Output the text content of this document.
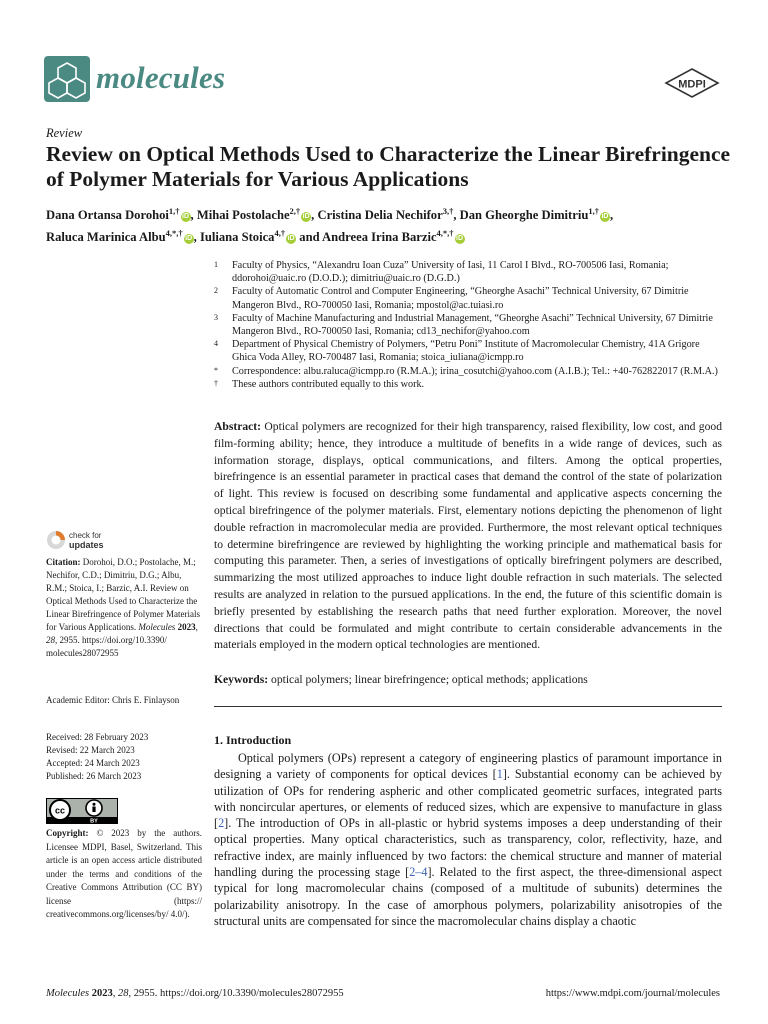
molecules	MDPI
Review
Review on Optical Methods Used to Characterize the Linear Birefringence of Polymer Materials for Various Applications
Dana Ortansa Dorohoi$^{1,\dagger}$iD , Mihai Postolache$^{2,\dagger}$iD , Cristina Delia Nechifor$^{3,\dagger}$, Dan Gheorghe Dimitriu$^{1,\dagger}$iD ,
Raluca Marinica Albu$^{4,*,\dagger}$iD , Iuliana Stoica$^{4,\dagger}$iD and Andreea Irina Barzic$^{4,*,\dagger}$iD
1	Faculty of Physics, “Alexandru Ioan Cuza” University of Iasi, 11 Carol I Blvd., RO-700506 Iasi, Romania; ddorohoi@uaic.ro (D.O.D.); dimitriu@uaic.ro (D.G.D.)
2	Faculty of Automatic Control and Computer Engineering, “Gheorghe Asachi” Technical University, 67 Dimitrie Mangeron Blvd., RO-700050 Iasi, Romania; mpostol@ac.tuiasi.ro
3	Faculty of Machine Manufacturing and Industrial Management, “Gheorghe Asachi” Technical University, 67 Dimitrie Mangeron Blvd., RO-700050 Iasi, Romania; cd13_nechifor@yahoo.com
4	Department of Physical Chemistry of Polymers, “Petru Poni” Institute of Macromolecular Chemistry, 41A Grigore Ghica Voda Alley, RO-700487 Iasi, Romania; stoica_iuliana@icmpp.ro
*	Correspondence: albu.raluca@icmpp.ro (R.M.A.); irina_cosutchi@yahoo.com (A.I.B.); Tel.: +40-762822017 (R.M.A.)
†	These authors contributed equally to this work.
Abstract: Optical polymers are recognized for their high transparency, raised flexibility, low cost, and good film-forming ability; hence, they introduce a multitude of benefits in a wide range of devices, such as information storage, displays, optical communications, and filters. Among the optical properties, birefringence is an essential parameter in practical cases that demand the control of the state of polarization of light. This review is focused on describing some fundamental and applicative aspects concerning the optical birefringence of the polymer materials. First, elementary notions depicting the phenomenon of light double refraction in macromolecular media are provided. Furthermore, the most relevant optical techniques to determine birefringence are reviewed by highlighting the working principle and mathematical basis for computing this parameter. Then, a series of investigations of optically birefringent polymers are described, summarizing the most utilized approaches to induce light double refraction in such materials. The selected results are analyzed in relation to the pursued applications. In the end, the future of this scientific domain is briefly presented by establishing the research paths that need further exploration. Moreover, the novel directions that could be formulated and might contribute to certain considerable advancements in the materials employed in the modern optical technologies are mentioned.
Keywords: optical polymers; linear birefringence; optical methods; applications
1. Introduction
Optical polymers (OPs) represent a category of engineering plastics of paramount importance in designing a variety of components for optical devices [1]. Substantial economy can be achieved by utilization of OPs for rendering aspheric and other complicated geometric surfaces, integrated parts with noncircular apertures, or elements of reduced sizes, which are expensive to manufacture in glass [2]. The introduction of OPs in all-plastic or hybrid systems imposes a deep understanding of their optical properties. Many optical characteristics, such as transparency, color, reflectivity, haze, and refractive index, are mainly influenced by two factors: the chemical structure and manner of material handling during the processing stage [2–4]. Related to the first aspect, the three-dimensional aspect typical for long macromolecular chains (composed of a multitude of subunits) determines the polarizability anisotropy. In the case of amorphous polymers, polarizability anisotropies of the structural units are compensated for since the macromolecular chains display a chaotic
check for
updates
Citation: Dorohoi, D.O.; Postolache, M.; Nechifor, C.D.; Dimitriu, D.G.; Albu, R.M.; Stoica, I.; Barzic, A.I. Review on Optical Methods Used to Characterize the Linear Birefringence of Polymer Materials for Various Applications. Molecules 2023, 28, 2955. https://doi.org/10.3390/ molecules28072955
Academic Editor: Chris E. Finlayson
Received: 28 February 2023
Revised: 22 March 2023
Accepted: 24 March 2023
Published: 26 March 2023
cc
BY
Copyright: © 2023 by the authors. Licensee MDPI, Basel, Switzerland. This article is an open access article distributed under the terms and conditions of the Creative Commons Attribution (CC BY) license (https:// creativecommons.org/licenses/by/ 4.0/).
Molecules 2023, 28, 2955. https://doi.org/10.3390/molecules28072955	https://www.mdpi.com/journal/molecules
